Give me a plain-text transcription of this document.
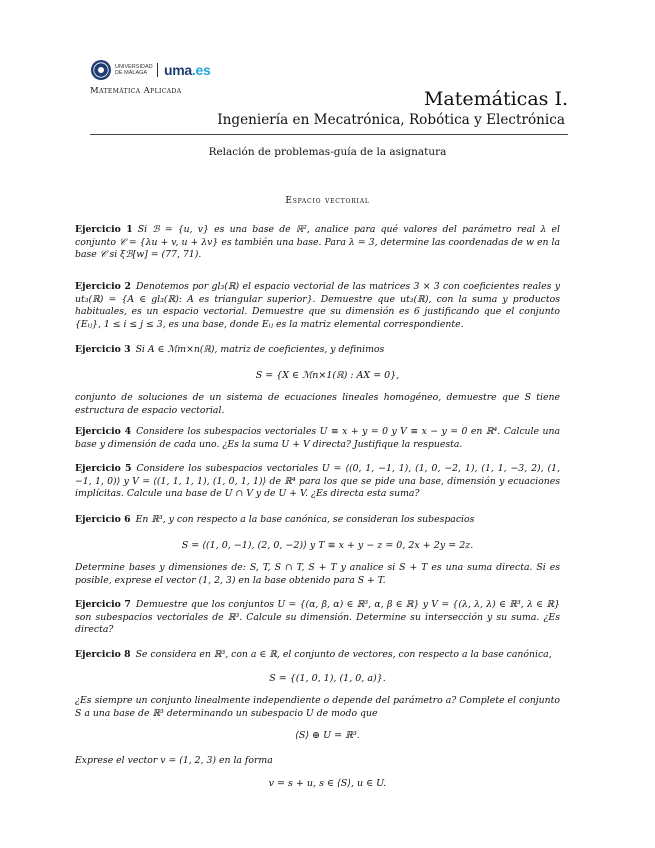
UNIVERSIDAD DE MÁLAGA	uma.es
Matemática Aplicada	Matemáticas I.
Ingeniería en Mecatrónica, Robótica y Electrónica
Relación de problemas-guía de la asignatura
Espacio vectorial
Ejercicio 1 Si ℬ = {u, v} es una base de ℝ², analice para qué valores del parámetro real λ el conjunto 𝒞 = {λu + v, u + λv} es también una base. Para λ = 3, determine las coordenadas de w en la base 𝒞 si ξℬ[w] = (77, 71).
Ejercicio 2 Denotemos por gl₃(ℝ) el espacio vectorial de las matrices 3 × 3 con coeficientes reales y ut₃(ℝ) = {A ∈ gl₃(ℝ): A es triangular superior}. Demuestre que ut₃(ℝ), con la suma y productos habituales, es un espacio vectorial. Demuestre que su dimensión es 6 justificando que el conjunto {Eᵢⱼ}, 1 ≤ i ≤ j ≤ 3, es una base, donde Eᵢⱼ es la matriz elemental correspondiente.
Ejercicio 3 Si A ∈ ℳm×n(ℝ), matriz de coeficientes, y definimos
S = {X ∈ ℳn×1(ℝ) : AX = 0},
conjunto de soluciones de un sistema de ecuaciones lineales homogéneo, demuestre que S tiene estructura de espacio vectorial.
Ejercicio 4 Considere los subespacios vectoriales U ≡ x + y = 0 y V ≡ x − y = 0 en ℝ⁴. Calcule una base y dimensión de cada uno. ¿Es la suma U + V directa? Justifique la respuesta.
Ejercicio 5 Considere los subespacios vectoriales U = ⟨(0, 1, −1, 1), (1, 0, −2, 1), (1, 1, −3, 2), (1, −1, 1, 0)⟩ y V = ⟨(1, 1, 1, 1), (1, 0, 1, 1)⟩ de ℝ⁴ para los que se pide una base, dimensión y ecuaciones implícitas. Calcule una base de U ∩ V y de U + V. ¿Es directa esta suma?
Ejercicio 6 En ℝ³, y con respecto a la base canónica, se consideran los subespacios
S = ⟨(1, 0, −1), (2, 0, −2)⟩ y T ≡ x + y − z = 0, 2x + 2y = 2z.
Determine bases y dimensiones de: S, T, S ∩ T, S + T y analice si S + T es una suma directa. Si es posible, exprese el vector (1, 2, 3) en la base obtenido para S + T.
Ejercicio 7 Demuestre que los conjuntos U = {(α, β, α) ∈ ℝ³, α, β ∈ ℝ} y V = {(λ, λ, λ) ∈ ℝ³, λ ∈ ℝ} son subespacios vectoriales de ℝ³. Calcule su dimensión. Determine su intersección y su suma. ¿Es directa?
Ejercicio 8 Se considera en ℝ³, con a ∈ ℝ, el conjunto de vectores, con respecto a la base canónica,
S = {(1, 0, 1), (1, 0, a)}.
¿Es siempre un conjunto linealmente independiente o depende del parámetro a? Complete el conjunto S a una base de ℝ³ determinando un subespacio U de modo que
⟨S⟩ ⊕ U = ℝ³.
Exprese el vector v = (1, 2, 3) en la forma
v = s + u, s ∈ ⟨S⟩, u ∈ U.
